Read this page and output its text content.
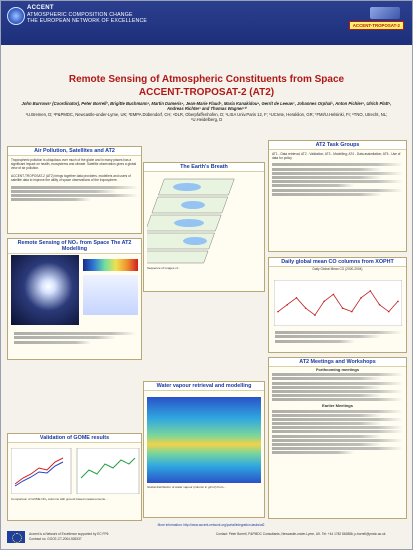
ACCENT
ATMOSPHERIC COMPOSITION CHANGE
THE EUROPEAN NETWORK OF EXCELLENCE
ACCENT-TROPOSAT-2
Remote Sensing of Atmospheric Constituents from Space
ACCENT-TROPOSAT-2 (AT2)
John Burrows¹ (Coordinator), Peter Borrell², Brigitte Buchmann³, Martin Dameris⁴, Jean-Marie Flaud⁵, Maria Kanakidou⁶, Gerrit de Leeuw⁷, Johannes Orphal⁵, Anton Pichler⁸, Ulrich Platt⁹, Andreas Richter¹ and Thomas Wagner¹⁰
¹U.Bremen, D; ²P&PMDC, Newcastle-under-Lyme, UK; ³EMPA Dübendorf, CH; ⁴DLR, Oberpfaffenhofen, D; ⁵LISA Univ.Paris 12, F; ⁶UCrete, Heraklion, GR; ⁷FMI/U.Helsinki, FI; ⁸TNO, Utrecht, NL; ⁹U.Heidelberg, D
Air Pollution, Satellites and AT2
Tropospheric pollution is ubiquitous over much of the globe and in many places has a significant impact on health, ecosystems and climate. Satellite observation gives a global view of air pollution.
ACCENT-TROPOSAT-2 (AT2) brings together data providers, modellers and users of satellite data to improve the utility of space observations of the troposphere.
Remote Sensing of NO₂ from Space The AT2 Modelling
Validation of GOME results
Comparison of GOME NO₂ columns with ground based measurements...
The Earth's Breath
Sequence of images of...
Water vapour retrieval and modelling
Global distribution of water vapour (column in g/cm²) from...
AT2 Task Groups
AT1 - Data retrieval; AT2 - Validation; AT3 - Modelling; AT4 - Data assimilation; AT5 - Use of data for policy
Daily global mean CO columns from XOPHT
Daily Global Mean CO (2000-2004)
AT2 Meetings and Workshops
Forthcoming meetings
Earlier Meetings
More information: http://www.accent-network.org/portal/integration-tasks/at2
Accent is a Network of Excellence supported by EC FP6
Contract no. GOCE-CT-2004-505337
Contact: Peter Borrell, P&PMDC Consultants, Newcastle-under-Lyme, UK. Tel: +44 1782 862886; p.borrell@pmdc.ac.uk
